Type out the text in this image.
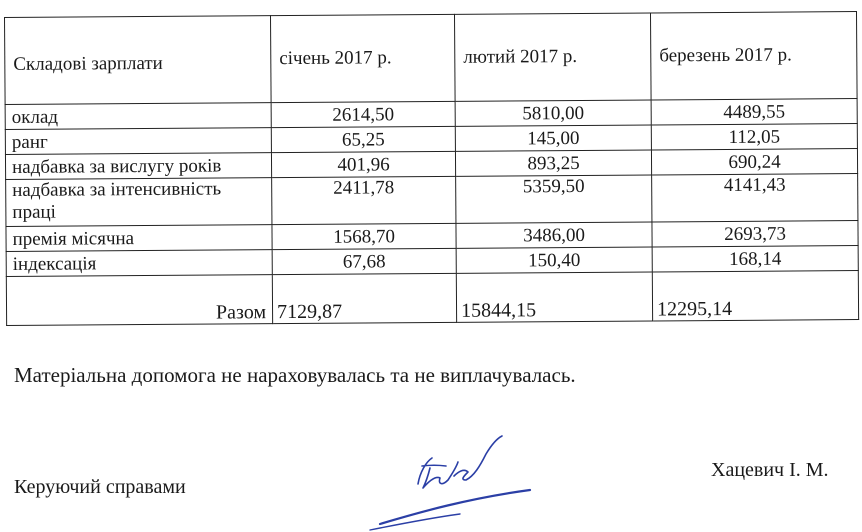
Складові зарплати	січень 2017 р.	лютий 2017 р.	березень 2017 р.
оклад	2614,50	5810,00	4489,55
ранг	65,25	145,00	112,05
надбавка за вислугу років	401,96	893,25	690,24
надбавка за інтенсивність праці	2411,78	5359,50	4141,43
премія місячна	1568,70	3486,00	2693,73
індексація	67,68	150,40	168,14
Разом	7129,87	15844,15	12295,14
Матеріальна допомога не нараховувалась та не виплачувалась.
Керуючий справами
Хацевич І. М.
